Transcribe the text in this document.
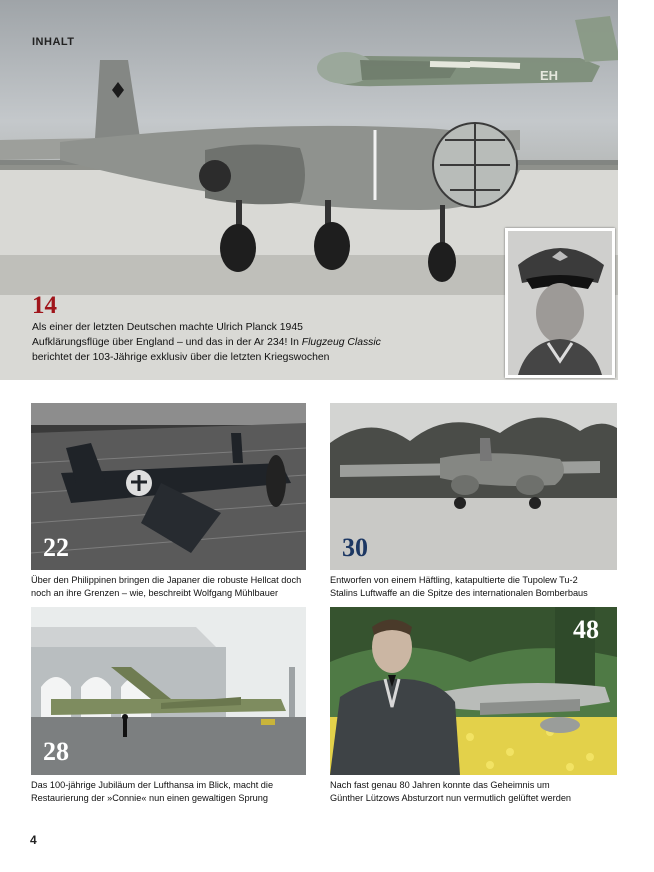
EH
INHALT
14
Als einer der letzten Deutschen machte Ulrich Planck 1945
Aufklärungsflüge über England – und das in der Ar 234! In Flugzeug Classic
berichtet der 103-Jährige exklusiv über die letzten Kriegswochen
22
Über den Philippinen bringen die Japaner die robuste Hellcat doch
noch an ihre Grenzen – wie, beschreibt Wolfgang Mühlbauer
30
Entworfen von einem Häftling, katapultierte die Tupolew Tu-2
Stalins Luftwaffe an die Spitze des internationalen Bomberbaus
28
Das 100-jährige Jubiläum der Lufthansa im Blick, macht die
Restaurierung der »Connie« nun einen gewaltigen Sprung
48
Nach fast genau 80 Jahren konnte das Geheimnis um
Günther Lützows Absturzort nun vermutlich gelüftet werden
4
